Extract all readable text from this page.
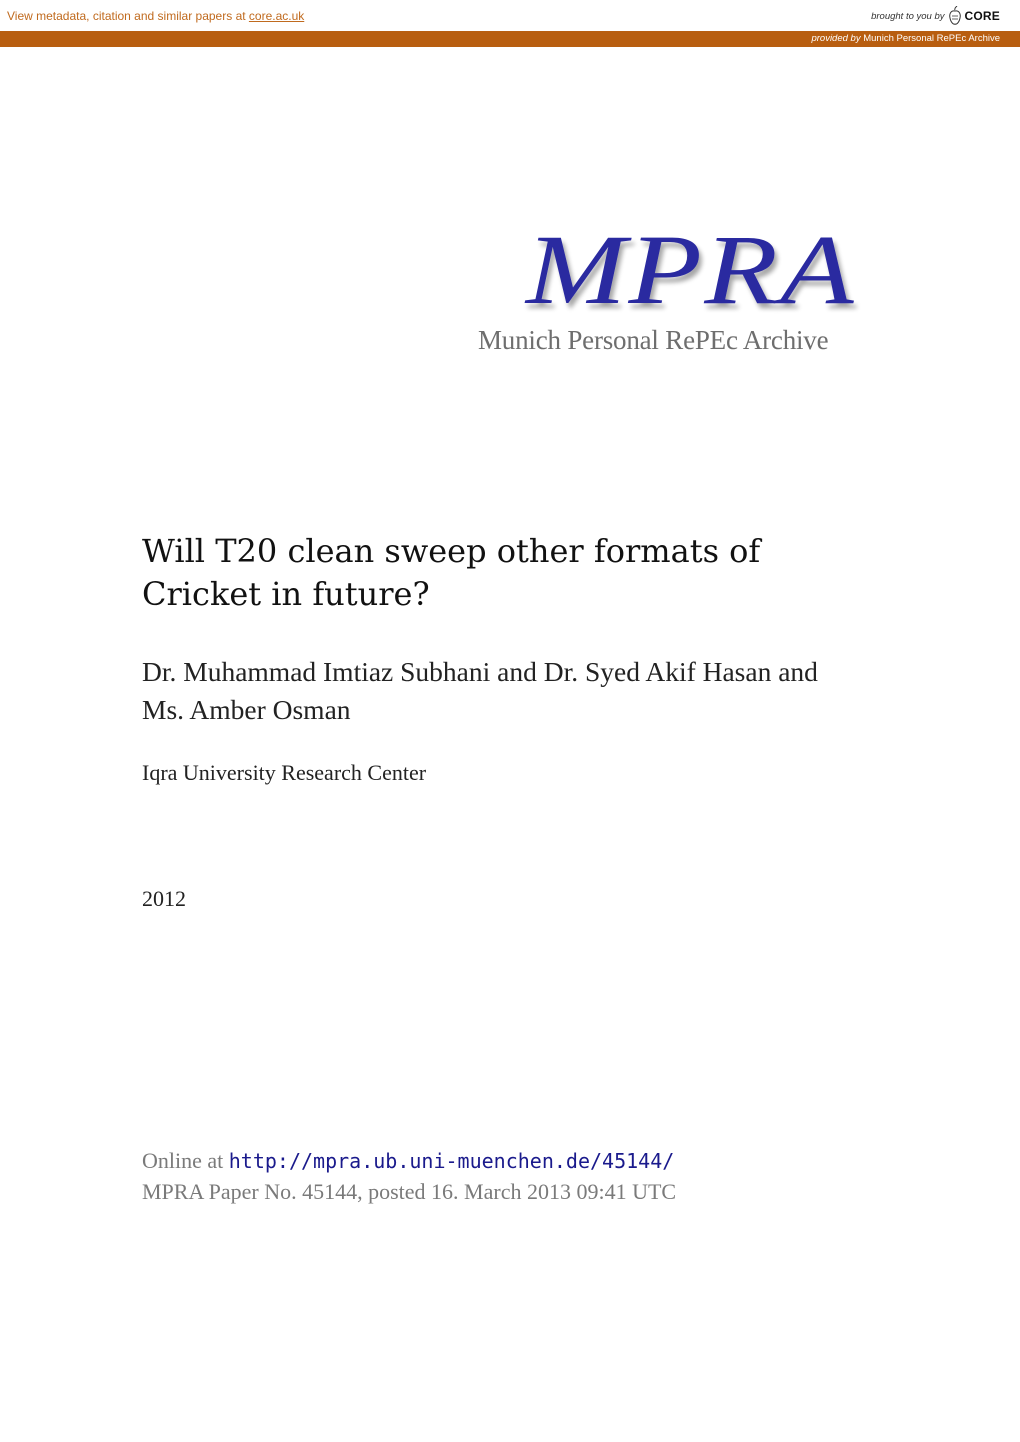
View metadata, citation and similar papers at core.ac.uk	brought to you by CORE
provided by Munich Personal RePEc Archive
MPRA
Munich Personal RePEc Archive
Will T20 clean sweep other formats of Cricket in future?
Dr. Muhammad Imtiaz Subhani and Dr. Syed Akif Hasan and Ms. Amber Osman
Iqra University Research Center
2012
Online at http://mpra.ub.uni-muenchen.de/45144/
MPRA Paper No. 45144, posted 16. March 2013 09:41 UTC
